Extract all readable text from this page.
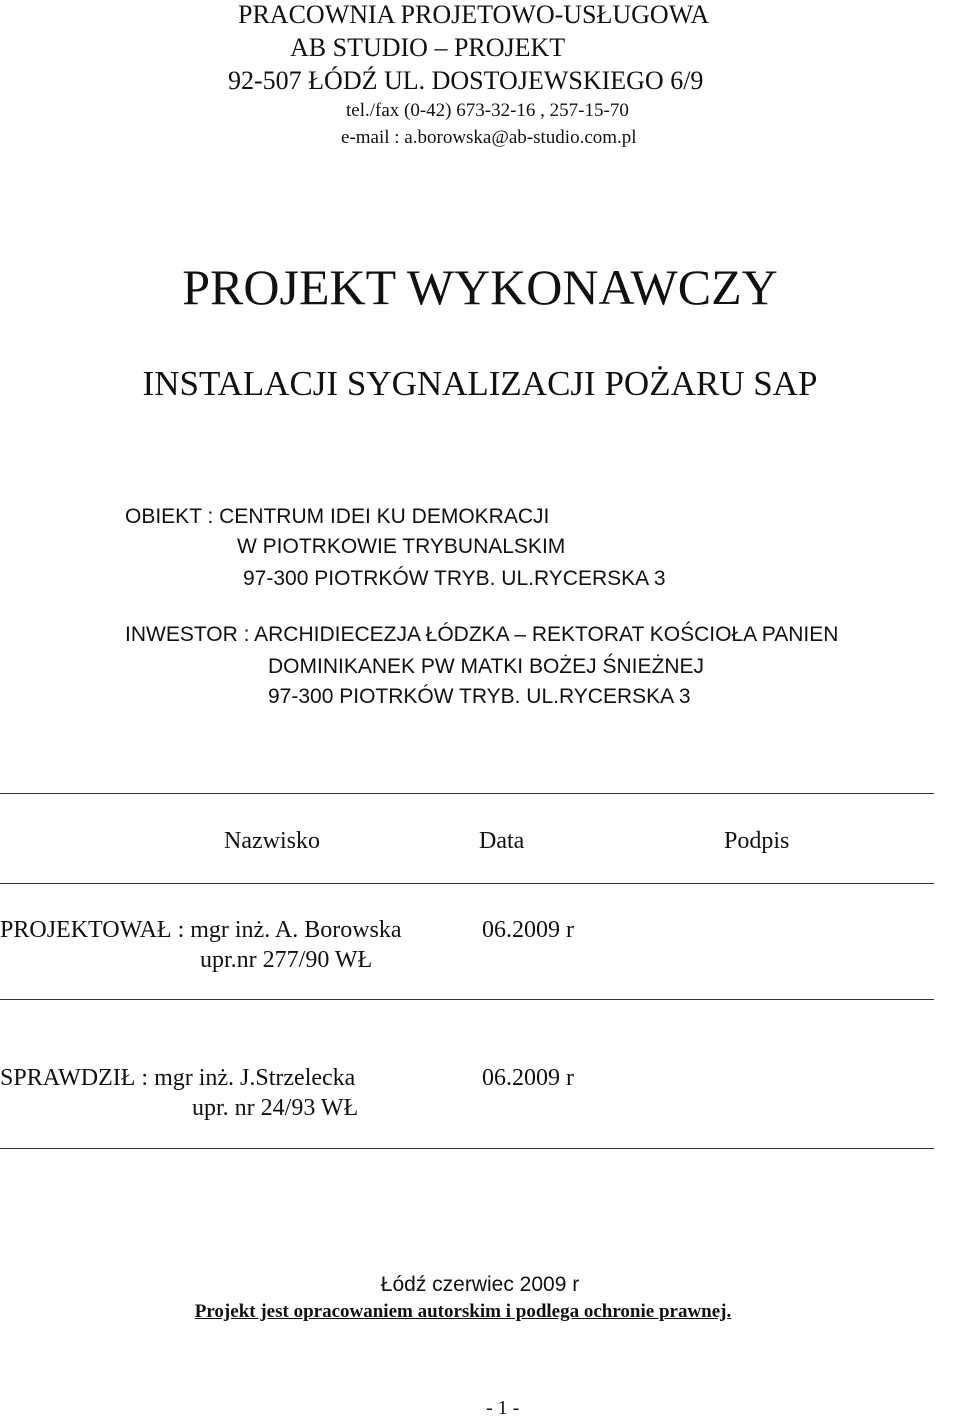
PRACOWNIA PROJETOWO-USŁUGOWA
AB STUDIO – PROJEKT
92-507 ŁÓDŹ UL. DOSTOJEWSKIEGO 6/9
tel./fax (0-42) 673-32-16 , 257-15-70
e-mail : a.borowska@ab-studio.com.pl
PROJEKT WYKONAWCZY
INSTALACJI SYGNALIZACJI POŻARU SAP
OBIEKT : CENTRUM IDEI KU DEMOKRACJI
W PIOTRKOWIE TRYBUNALSKIM
97-300 PIOTRKÓW TRYB. UL.RYCERSKA 3
INWESTOR : ARCHIDIECEZJA ŁÓDZKA – REKTORAT KOŚCIOŁA PANIEN
DOMINIKANEK PW MATKI BOŻEJ ŚNIEŻNEJ
97-300 PIOTRKÓW TRYB. UL.RYCERSKA 3
Nazwisko	Data	Podpis
PROJEKTOWAŁ : mgr inż. A. Borowska	06.2009 r
upr.nr 277/90 WŁ
SPRAWDZIŁ : mgr inż. J.Strzelecka	06.2009 r
upr. nr 24/93 WŁ
Łódź czerwiec 2009 r
Projekt jest opracowaniem autorskim i podlega ochronie prawnej.
- 1 -
